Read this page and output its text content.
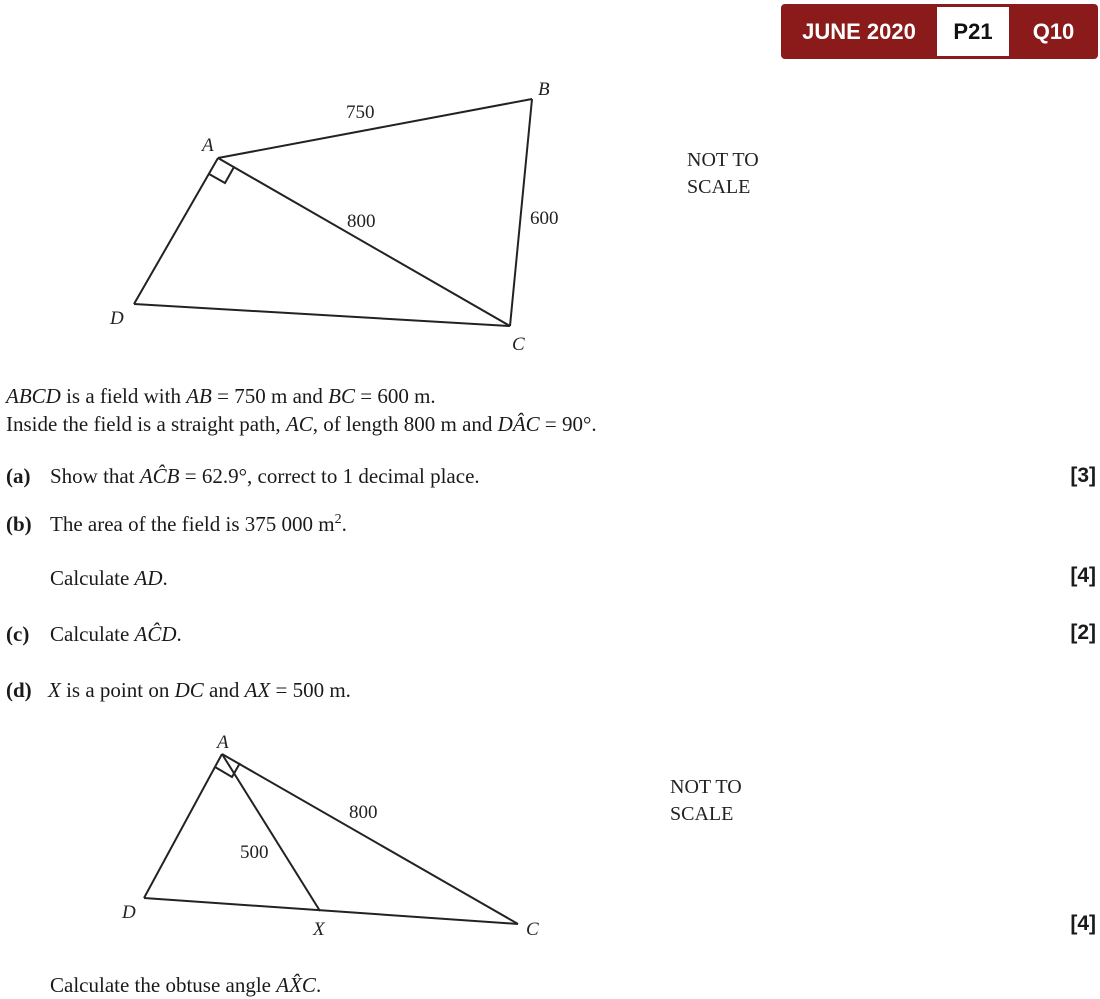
JUNE 2020	P21	Q10
A
B
C
D
750
800	600
NOT TO
SCALE
ABCD is a field with AB = 750 m and BC = 600 m.
Inside the field is a straight path, AC, of length 800 m and DÂC = 90°.
(a) Show that AĈB = 62.9°, correct to 1 decimal place.	[3]
(b) The area of the field is 375 000 $m^2$.
Calculate AD.	[4]
(c) Calculate AĈD.	[2]
(d) X is a point on DC and AX = 500 m.
A
D
X	C
800
500
NOT TO
SCALE
[4]
Calculate the obtuse angle AX̂C.
